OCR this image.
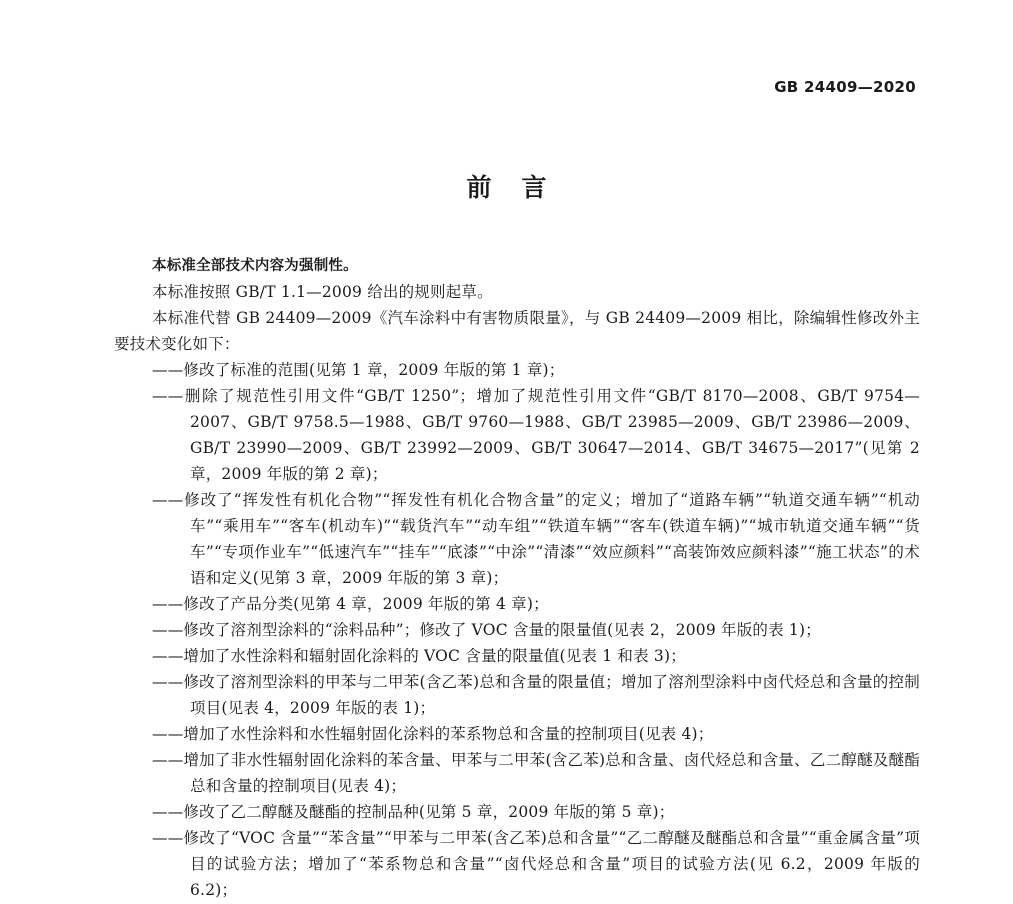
GB 24409—2020
前言

本标准全部技术内容为强制性。

本标准按照 GB/T 1.1—2009 给出的规则起草。

本标准代替 GB 24409—2009《汽车涂料中有害物质限量》，与 GB 24409—2009 相比，除编辑性修改外主要技术变化如下：

——修改了标准的范围(见第 1 章，2009 年版的第 1 章)；

——删除了规范性引用文件“GB/T 1250”；增加了规范性引用文件“GB/T 8170—2008、GB/T 9754—2007、GB/T 9758.5—1988、GB/T 9760—1988、GB/T 23985—2009、GB/T 23986—2009、GB/T 23990—2009、GB/T 23992—2009、GB/T 30647—2014、GB/T 34675—2017”(见第 2 章，2009 年版的第 2 章)；

——修改了“挥发性有机化合物”“挥发性有机化合物含量”的定义；增加了“道路车辆”“轨道交通车辆”“机动车”“乘用车”“客车(机动车)”“载货汽车”“动车组”“铁道车辆”“客车(铁道车辆)”“城市轨道交通车辆”“货车”“专项作业车”“低速汽车”“挂车”“底漆”“中涂”“清漆”“效应颜料”“高装饰效应颜料漆”“施工状态”的术语和定义(见第 3 章，2009 年版的第 3 章)；

——修改了产品分类(见第 4 章，2009 年版的第 4 章)；

——修改了溶剂型涂料的“涂料品种”；修改了 VOC 含量的限量值(见表 2，2009 年版的表 1)；

——增加了水性涂料和辐射固化涂料的 VOC 含量的限量值(见表 1 和表 3)；

——修改了溶剂型涂料的甲苯与二甲苯(含乙苯)总和含量的限量值；增加了溶剂型涂料中卤代烃总和含量的控制项目(见表 4，2009 年版的表 1)；

——增加了水性涂料和水性辐射固化涂料的苯系物总和含量的控制项目(见表 4)；

——增加了非水性辐射固化涂料的苯含量、甲苯与二甲苯(含乙苯)总和含量、卤代烃总和含量、乙二醇醚及醚酯总和含量的控制项目(见表 4)；

——修改了乙二醇醚及醚酯的控制品种(见第 5 章，2009 年版的第 5 章)；

——修改了“VOC 含量”“苯含量”“甲苯与二甲苯(含乙苯)总和含量”“乙二醇醚及醚酯总和含量”“重金属含量”项目的试验方法；增加了“苯系物总和含量”“卤代烃总和含量”项目的试验方法(见 6.2，2009 年版的 6.2)；
